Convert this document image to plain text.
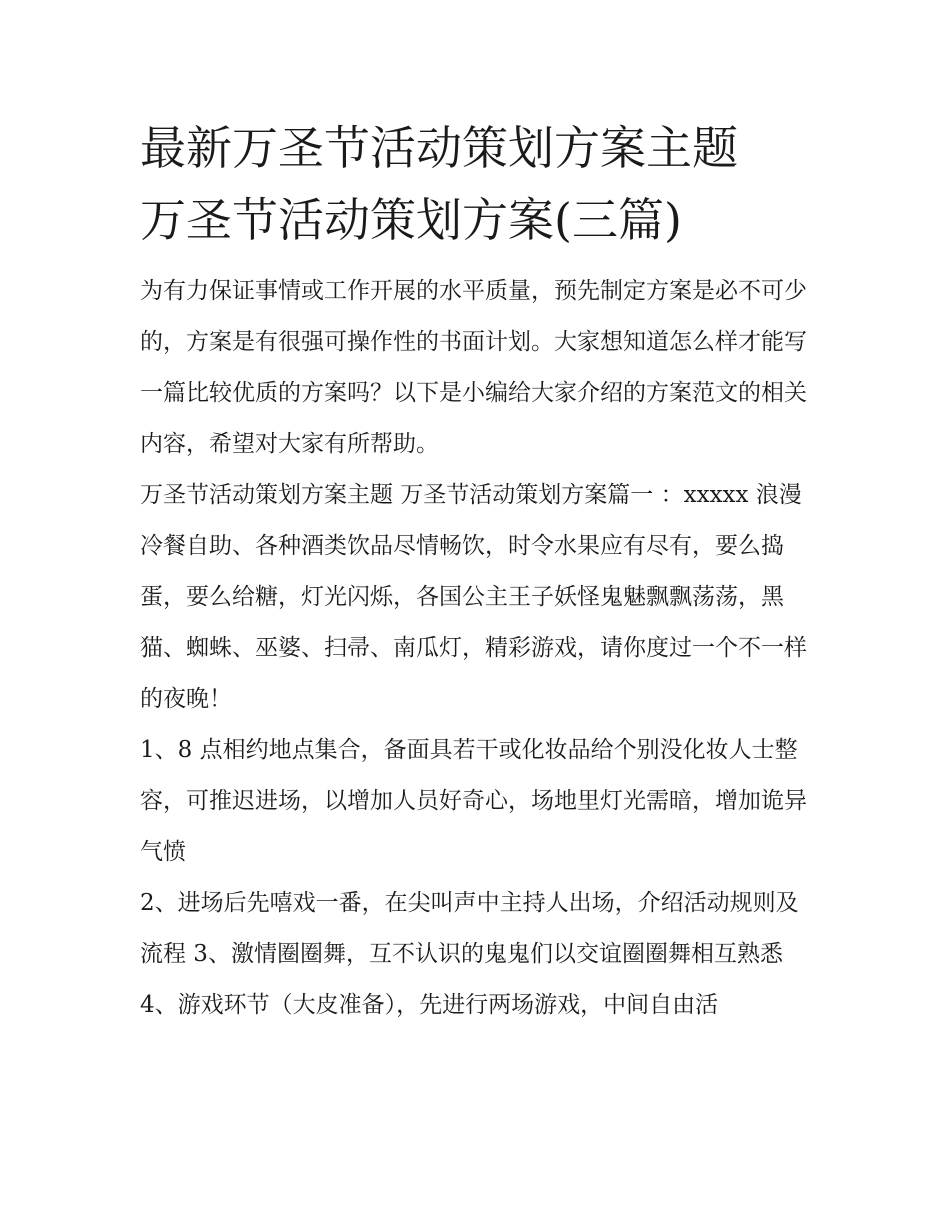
最新万圣节活动策划方案主题
万圣节活动策划方案(三篇)

为有力保证事情或工作开展的水平质量，预先制定方案是必不可少的，方案是有很强可操作性的书面计划。大家想知道怎么样才能写一篇比较优质的方案吗？以下是小编给大家介绍的方案范文的相关内容，希望对大家有所帮助。

万圣节活动策划方案主题 万圣节活动策划方案篇一 ：xxxxx 浪漫冷餐自助、各种酒类饮品尽情畅饮，时令水果应有尽有，要么捣蛋，要么给糖，灯光闪烁，各国公主王子妖怪鬼魅飘飘荡荡，黑猫、蜘蛛、巫婆、扫帚、南瓜灯，精彩游戏，请你度过一个不一样的夜晚！

1、8 点相约地点集合，备面具若干或化妆品给个别没化妆人士整容，可推迟进场，以增加人员好奇心，场地里灯光需暗，增加诡异气愤

2、进场后先嘻戏一番，在尖叫声中主持人出场，介绍活动规则及流程 3、激情圈圈舞，互不认识的鬼鬼们以交谊圈圈舞相互熟悉

4、游戏环节（大皮准备），先进行两场游戏，中间自由活
